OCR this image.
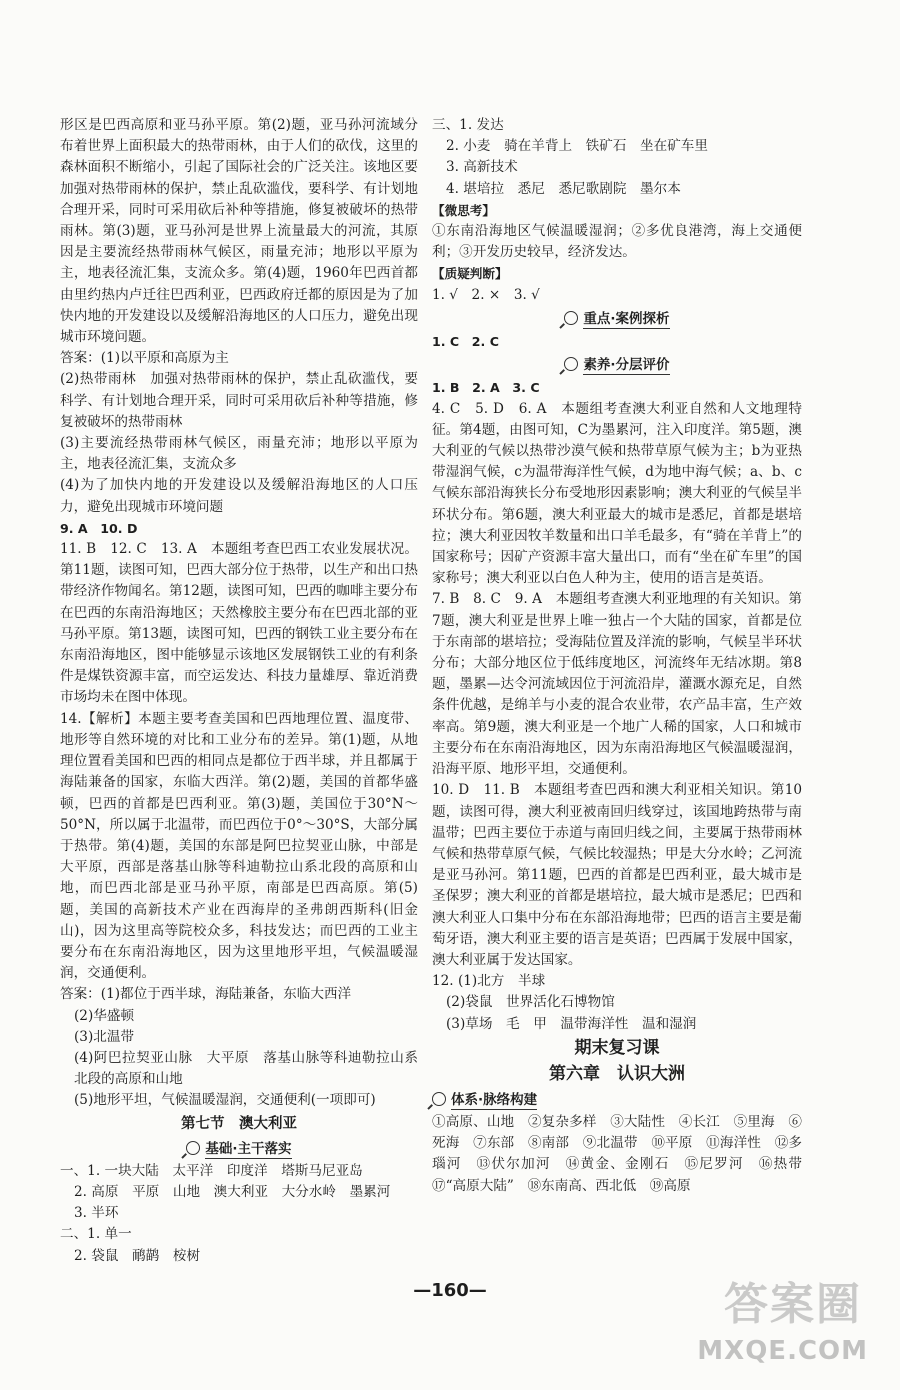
形区是巴西高原和亚马孙平原。第(2)题，亚马孙河流域分布着世界上面积最大的热带雨林，由于人们的砍伐，这里的森林面积不断缩小，引起了国际社会的广泛关注。该地区要加强对热带雨林的保护，禁止乱砍滥伐，要科学、有计划地合理开采，同时可采用砍后补种等措施，修复被破坏的热带雨林。第(3)题，亚马孙河是世界上流量最大的河流，其原因是主要流经热带雨林气候区，雨量充沛；地形以平原为主，地表径流汇集，支流众多。第(4)题，1960年巴西首都由里约热内卢迁往巴西利亚，巴西政府迁都的原因是为了加快内地的开发建设以及缓解沿海地区的人口压力，避免出现城市环境问题。

答案：(1)以平原和高原为主

(2)热带雨林　加强对热带雨林的保护，禁止乱砍滥伐，要科学、有计划地合理开采，同时可采用砍后补种等措施，修复被破坏的热带雨林

(3)主要流经热带雨林气候区，雨量充沛；地形以平原为主，地表径流汇集，支流众多

(4)为了加快内地的开发建设以及缓解沿海地区的人口压力，避免出现城市环境问题

9. A　10. D

11. B　12. C　13. A　本题组考查巴西工农业发展状况。第11题，读图可知，巴西大部分位于热带，以生产和出口热带经济作物闻名。第12题，读图可知，巴西的咖啡主要分布在巴西的东南沿海地区；天然橡胶主要分布在巴西北部的亚马孙平原。第13题，读图可知，巴西的钢铁工业主要分布在东南沿海地区，图中能够显示该地区发展钢铁工业的有利条件是煤铁资源丰富，而空运发达、科技力量雄厚、靠近消费市场均未在图中体现。

14.【解析】本题主要考查美国和巴西地理位置、温度带、地形等自然环境的对比和工业分布的差异。第(1)题，从地理位置看美国和巴西的相同点是都位于西半球，并且都属于海陆兼备的国家，东临大西洋。第(2)题，美国的首都华盛顿，巴西的首都是巴西利亚。第(3)题，美国位于30°N～50°N，所以属于北温带，而巴西位于0°～30°S，大部分属于热带。第(4)题，美国的东部是阿巴拉契亚山脉，中部是大平原，西部是落基山脉等科迪勒拉山系北段的高原和山地，而巴西北部是亚马孙平原，南部是巴西高原。第(5)题，美国的高新技术产业在西海岸的圣弗朗西斯科(旧金山)，因为这里高等院校众多，科技发达；而巴西的工业主要分布在东南沿海地区，因为这里地形平坦，气候温暖湿润，交通便利。

答案：(1)都位于西半球，海陆兼备，东临大西洋

(2)华盛顿

(3)北温带

(4)阿巴拉契亚山脉　大平原　落基山脉等科迪勒拉山系北段的高原和山地

(5)地形平坦，气候温暖湿润，交通便利(一项即可)

第七节　澳大利亚
基础·主干落实

一、1. 一块大陆　太平洋　印度洋　塔斯马尼亚岛

2. 高原　平原　山地　澳大利亚　大分水岭　墨累河

3. 半环

二、1. 单一

2. 袋鼠　鸸鹋　桉树

三、1. 发达

2. 小麦　骑在羊背上　铁矿石　坐在矿车里

3. 高新技术

4. 堪培拉　悉尼　悉尼歌剧院　墨尔本

【微思考】

①东南沿海地区气候温暖湿润；②多优良港湾，海上交通便利；③开发历史较早，经济发达。

【质疑判断】

1. √　2. ×　3. √

重点·案例探析

1. C　2. C

素养·分层评价

1. B　2. A　3. C

4. C　5. D　6. A　本题组考查澳大利亚自然和人文地理特征。第4题，由图可知，C为墨累河，注入印度洋。第5题，澳大利亚的气候以热带沙漠气候和热带草原气候为主；b为亚热带湿润气候，c为温带海洋性气候，d为地中海气候；a、b、c气候东部沿海狭长分布受地形因素影响；澳大利亚的气候呈半环状分布。第6题，澳大利亚最大的城市是悉尼，首都是堪培拉；澳大利亚因牧羊数量和出口羊毛最多，有“骑在羊背上”的国家称号；因矿产资源丰富大量出口，而有“坐在矿车里”的国家称号；澳大利亚以白色人种为主，使用的语言是英语。

7. B　8. C　9. A　本题组考查澳大利亚地理的有关知识。第7题，澳大利亚是世界上唯一独占一个大陆的国家，首都是位于东南部的堪培拉；受海陆位置及洋流的影响，气候呈半环状分布；大部分地区位于低纬度地区，河流终年无结冰期。第8题，墨累—达令河流域因位于河流沿岸，灌溉水源充足，自然条件优越，是绵羊与小麦的混合农业带，农产品丰富，生产效率高。第9题，澳大利亚是一个地广人稀的国家，人口和城市主要分布在东南沿海地区，因为东南沿海地区气候温暖湿润，沿海平原、地形平坦，交通便利。

10. D　11. B　本题组考查巴西和澳大利亚相关知识。第10题，读图可得，澳大利亚被南回归线穿过，该国地跨热带与南温带；巴西主要位于赤道与南回归线之间，主要属于热带雨林气候和热带草原气候，气候比较湿热；甲是大分水岭；乙河流是亚马孙河。第11题，巴西的首都是巴西利亚，最大城市是圣保罗；澳大利亚的首都是堪培拉，最大城市是悉尼；巴西和澳大利亚人口集中分布在东部沿海地带；巴西的语言主要是葡萄牙语，澳大利亚主要的语言是英语；巴西属于发展中国家，澳大利亚属于发达国家。

12. (1)北方　半球

(2)袋鼠　世界活化石博物馆

(3)草场　毛　甲　温带海洋性　温和湿润

期末复习课
第六章　认识大洲
体系·脉络构建

①高原、山地　②复杂多样　③大陆性　④长江　⑤里海　⑥死海　⑦东部　⑧南部　⑨北温带　⑩平原　⑪海洋性　⑫多瑙河　⑬伏尔加河　⑭黄金、金刚石　⑮尼罗河　⑯热带　⑰“高原大陆”　⑱东南高、西北低　⑲高原

—160—	答案圈
MXQE.COM
